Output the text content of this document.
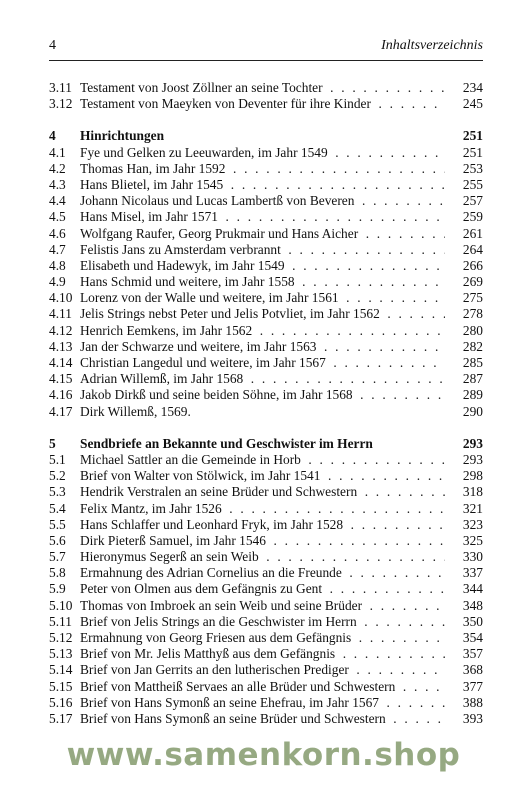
4	Inhaltsverzeichnis
3.11 Testament von Joost Zöllner an seine Tochter . . .	234
3.12 Testament von Maeyken von Deventer für ihre Kinder . . .	245
4 Hinrichtungen	251
4.1 Fye und Gelken zu Leeuwarden, im Jahr 1549 . . .	251
4.2 Thomas Han, im Jahr 1592 . . .	253
4.3 Hans Blietel, im Jahr 1545 . . .	255
4.4 Johann Nicolaus und Lucas Lambertß von Beveren . . .	257
4.5 Hans Misel, im Jahr 1571 . . .	259
4.6 Wolfgang Raufer, Georg Prukmair und Hans Aicher . . .	261
4.7 Felistis Jans zu Amsterdam verbrannt . . .	264
4.8 Elisabeth und Hadewyk, im Jahr 1549 . . .	266
4.9 Hans Schmid und weitere, im Jahr 1558 . . .	269
4.10 Lorenz von der Walle und weitere, im Jahr 1561 . . .	275
4.11 Jelis Strings nebst Peter und Jelis Potvliet, im Jahr 1562 . . .	278
4.12 Henrich Eemkens, im Jahr 1562 . . .	280
4.13 Jan der Schwarze und weitere, im Jahr 1563 . . .	282
4.14 Christian Langedul und weitere, im Jahr 1567 . . .	285
4.15 Adrian Willemß, im Jahr 1568 . . .	287
4.16 Jakob Dirkß und seine beiden Söhne, im Jahr 1568 . . .	289
4.17 Dirk Willemß, 1569.	290
5 Sendbriefe an Bekannte und Geschwister im Herrn	293
5.1 Michael Sattler an die Gemeinde in Horb . . .	293
5.2 Brief von Walter von Stölwick, im Jahr 1541 . . .	298
5.3 Hendrik Verstralen an seine Brüder und Schwestern . . .	318
5.4 Felix Mantz, im Jahr 1526 . . .	321
5.5 Hans Schlaffer und Leonhard Fryk, im Jahr 1528 . . .	323
5.6 Dirk Pieterß Samuel, im Jahr 1546 . . .	325
5.7 Hieronymus Segerß an sein Weib . . .	330
5.8 Ermahnung des Adrian Cornelius an die Freunde . . .	337
5.9 Peter von Olmen aus dem Gefängnis zu Gent . . .	344
5.10 Thomas von Imbroek an sein Weib und seine Brüder . . .	348
5.11 Brief von Jelis Strings an die Geschwister im Herrn . . .	350
5.12 Ermahnung von Georg Friesen aus dem Gefängnis . . .	354
5.13 Brief von Mr. Jelis Matthyß aus dem Gefängnis . . .	357
5.14 Brief von Jan Gerrits an den lutherischen Prediger . . .	368
5.15 Brief von Mattheiß Servaes an alle Brüder und Schwestern . . .	377
5.16 Brief von Hans Symonß an seine Ehefrau, im Jahr 1567 . . .	388
5.17 Brief von Hans Symonß an seine Brüder und Schwestern . . .	393
www.samenkorn.shop
